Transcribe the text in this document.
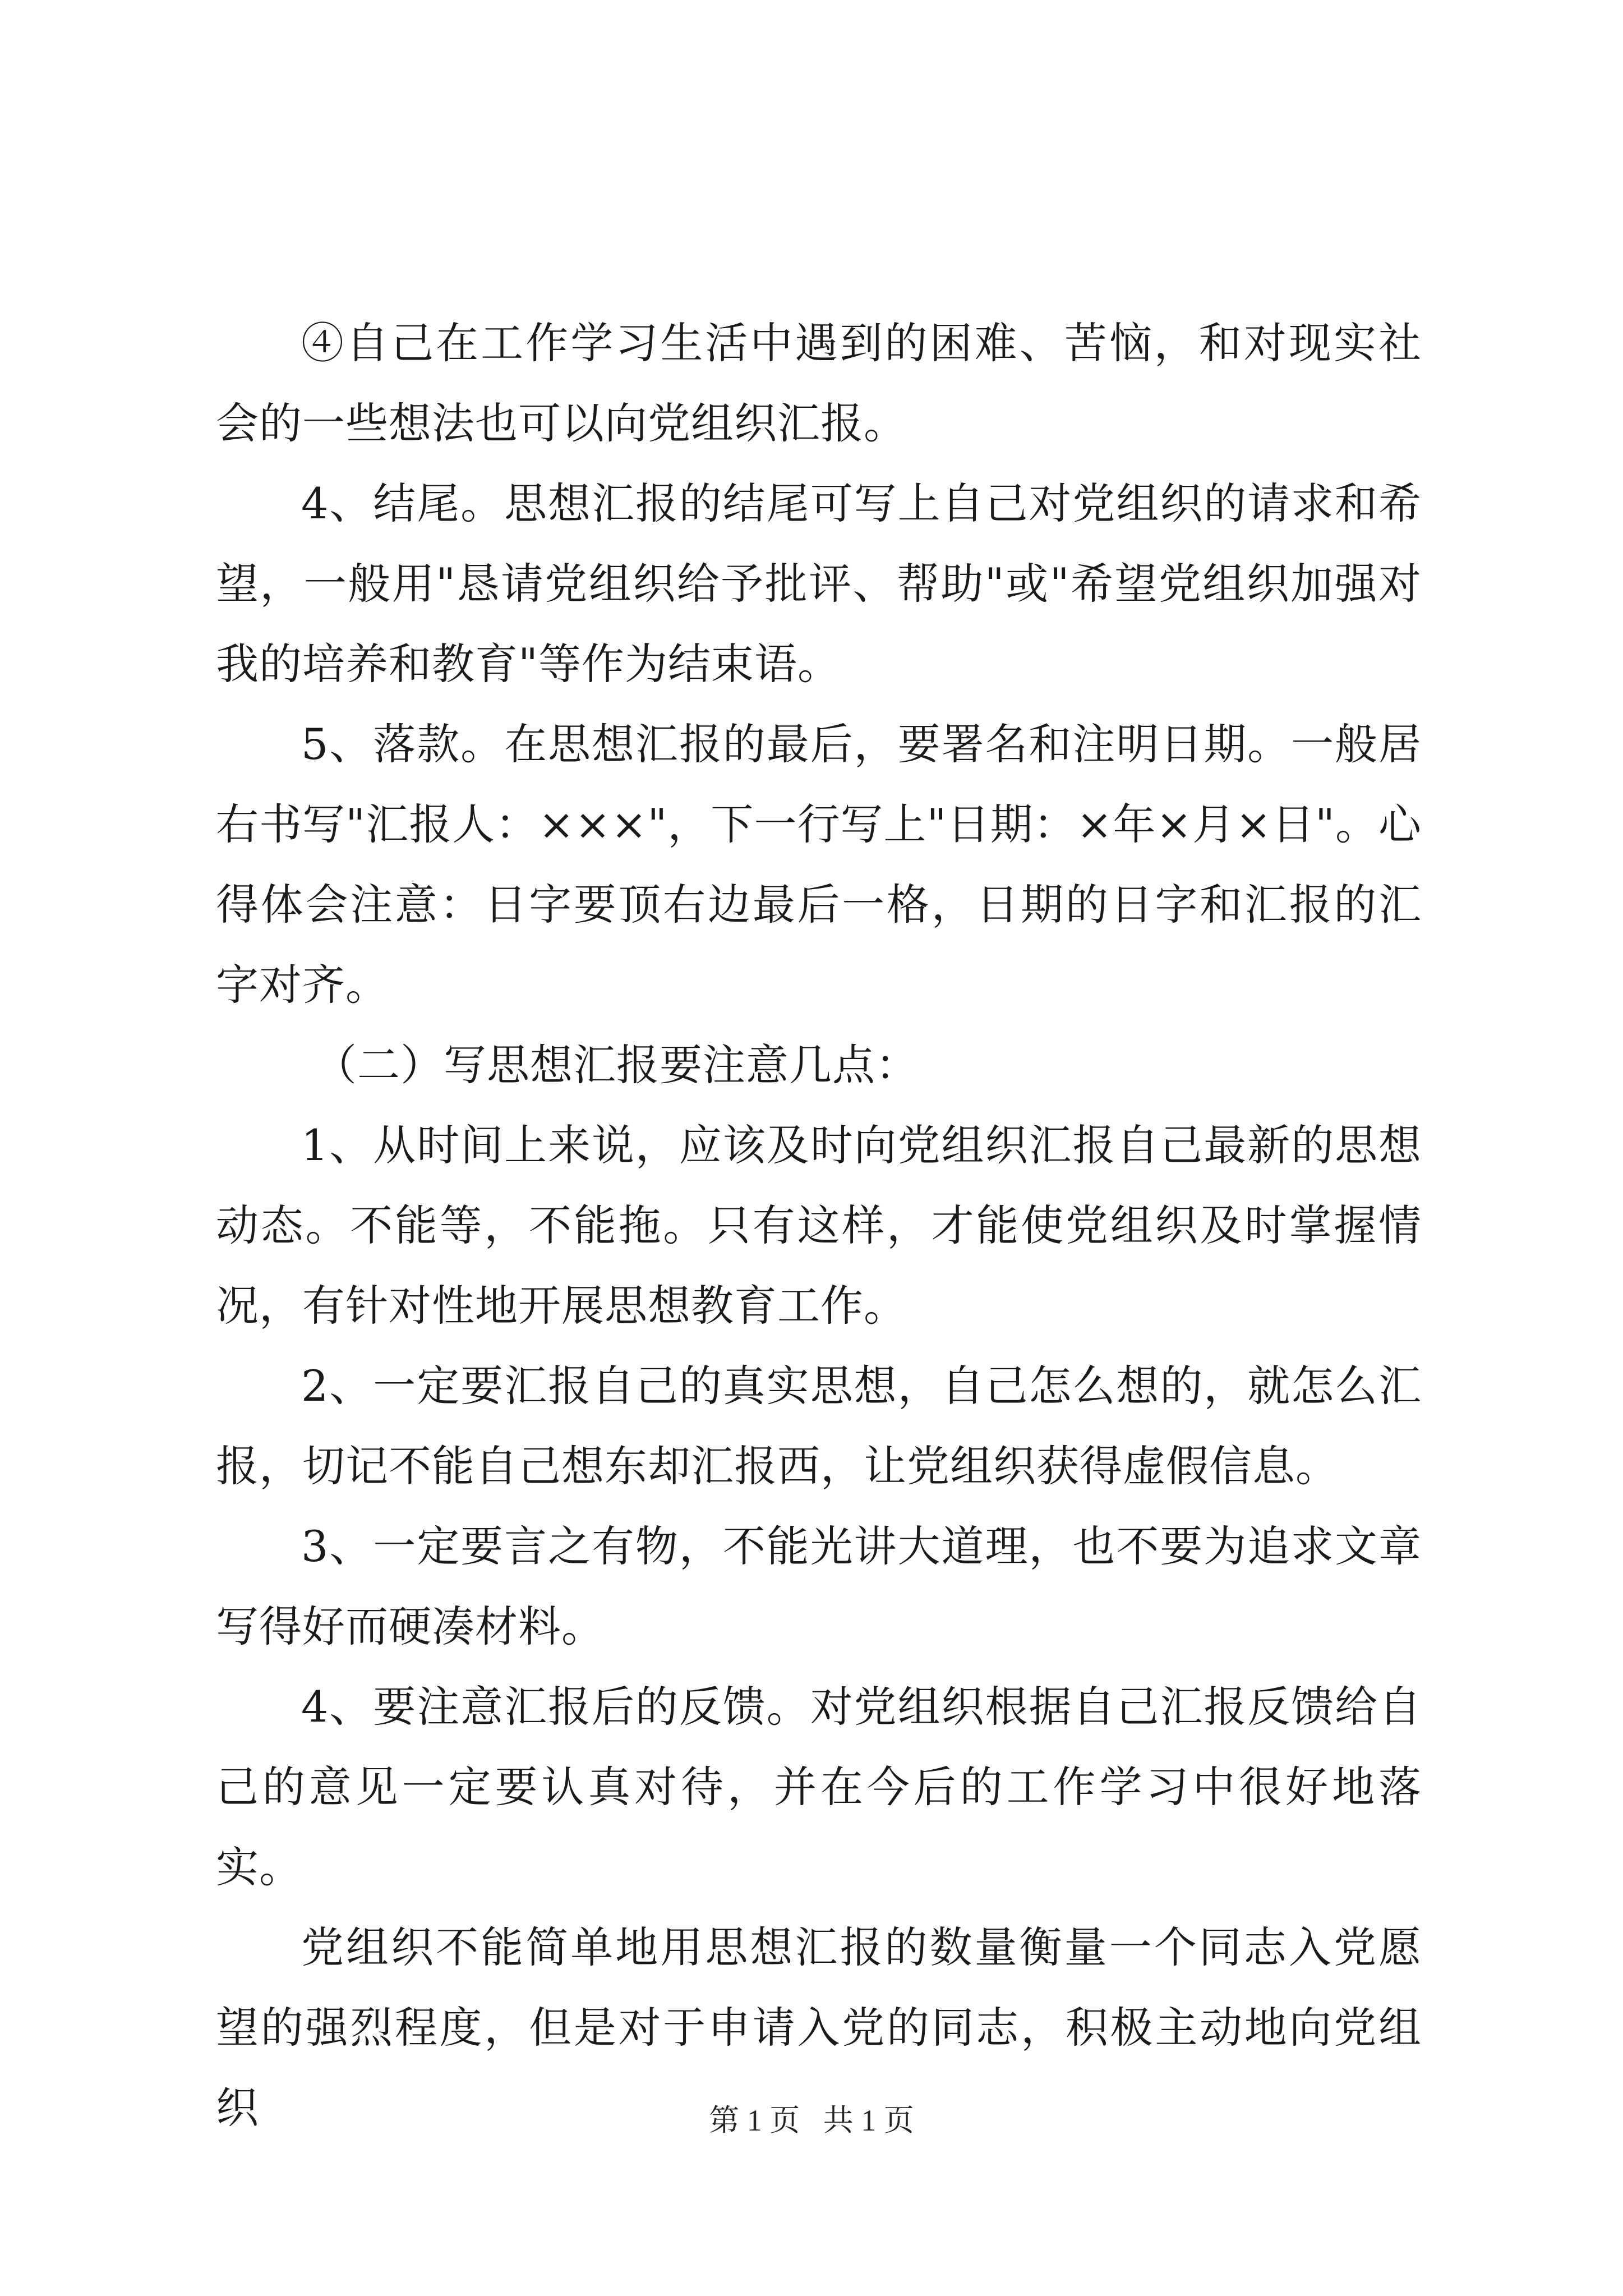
④自己在工作学习生活中遇到的困难、苦恼，和对现实社会的一些想法也可以向党组织汇报。

4、结尾。思想汇报的结尾可写上自己对党组织的请求和希望，一般用"恳请党组织给予批评、帮助"或"希望党组织加强对我的培养和教育"等作为结束语。

5、落款。在思想汇报的最后，要署名和注明日期。一般居右书写"汇报人：×××"，下一行写上"日期：×年×月×日"。心得体会注意：日字要顶右边最后一格，日期的日字和汇报的汇字对齐。

（二）写思想汇报要注意几点：

1、从时间上来说，应该及时向党组织汇报自己最新的思想动态。不能等，不能拖。只有这样，才能使党组织及时掌握情况，有针对性地开展思想教育工作。

2、一定要汇报自己的真实思想，自己怎么想的，就怎么汇报，切记不能自己想东却汇报西，让党组织获得虚假信息。

3、一定要言之有物，不能光讲大道理，也不要为追求文章写得好而硬凑材料。

4、要注意汇报后的反馈。对党组织根据自己汇报反馈给自己的意见一定要认真对待，并在今后的工作学习中很好地落实。

党组织不能简单地用思想汇报的数量衡量一个同志入党愿望的强烈程度，但是对于申请入党的同志，积极主动地向党组织	第 1 页 共 1 页
